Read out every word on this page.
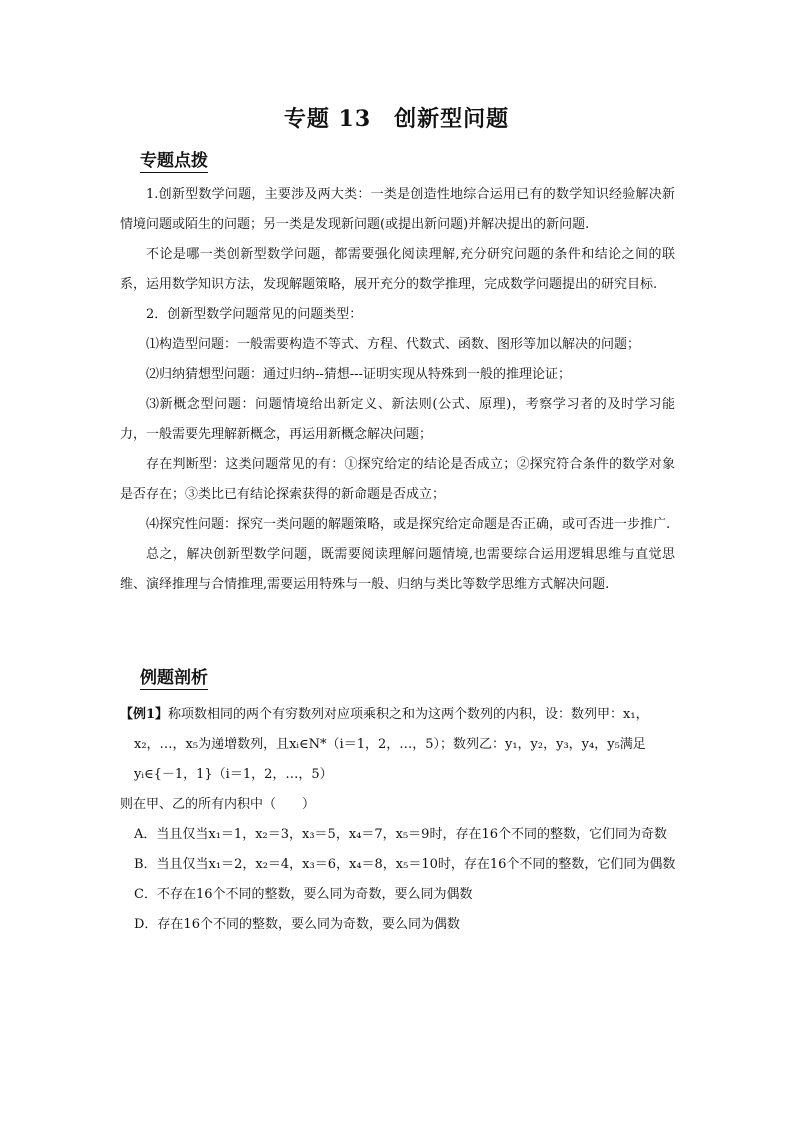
专题 13　创新型问题
专题点拨

1.创新型数学问题，主要涉及两大类：一类是创造性地综合运用已有的数学知识经验解决新情境问题或陌生的问题；另一类是发现新问题(或提出新问题)并解决提出的新问题.

不论是哪一类创新型数学问题，都需要强化阅读理解,充分研究问题的条件和结论之间的联系，运用数学知识方法，发现解题策略，展开充分的数学推理，完成数学问题提出的研究目标.

2．创新型数学问题常见的问题类型：

⑴构造型问题：一般需要构造不等式、方程、代数式、函数、图形等加以解决的问题；

⑵归纳猜想型问题：通过归纳--猜想---证明实现从特殊到一般的推理论证；

⑶新概念型问题：问题情境给出新定义、新法则(公式、原理)，考察学习者的及时学习能力，一般需要先理解新概念，再运用新概念解决问题；

存在判断型：这类问题常见的有：①探究给定的结论是否成立；②探究符合条件的数学对象是否存在；③类比已有结论探索获得的新命题是否成立；

⑷探究性问题：探究一类问题的解题策略，或是探究给定命题是否正确，或可否进一步推广.

总之，解决创新型数学问题，既需要阅读理解问题情境,也需要综合运用逻辑思维与直觉思维、演绎推理与合情推理,需要运用特殊与一般、归纳与类比等数学思维方式解决问题.

例题剖析

【例1】称项数相同的两个有穷数列对应项乘积之和为这两个数列的内积，设：数列甲：x₁，

x₂，…，x₅为递增数列，且xᵢ∈N*（i＝1，2，…，5）；数列乙：y₁，y₂，y₃，y₄，y₅满足

yᵢ∈{－1，1}（i＝1，2，…，5）

则在甲、乙的所有内积中（　　）

A．当且仅当x₁＝1，x₂＝3，x₃＝5，x₄＝7，x₅＝9时，存在16个不同的整数，它们同为奇数

B．当且仅当x₁＝2，x₂＝4，x₃＝6，x₄＝8，x₅＝10时，存在16个不同的整数，它们同为偶数

C．不存在16个不同的整数，要么同为奇数，要么同为偶数

D．存在16个不同的整数，要么同为奇数，要么同为偶数
